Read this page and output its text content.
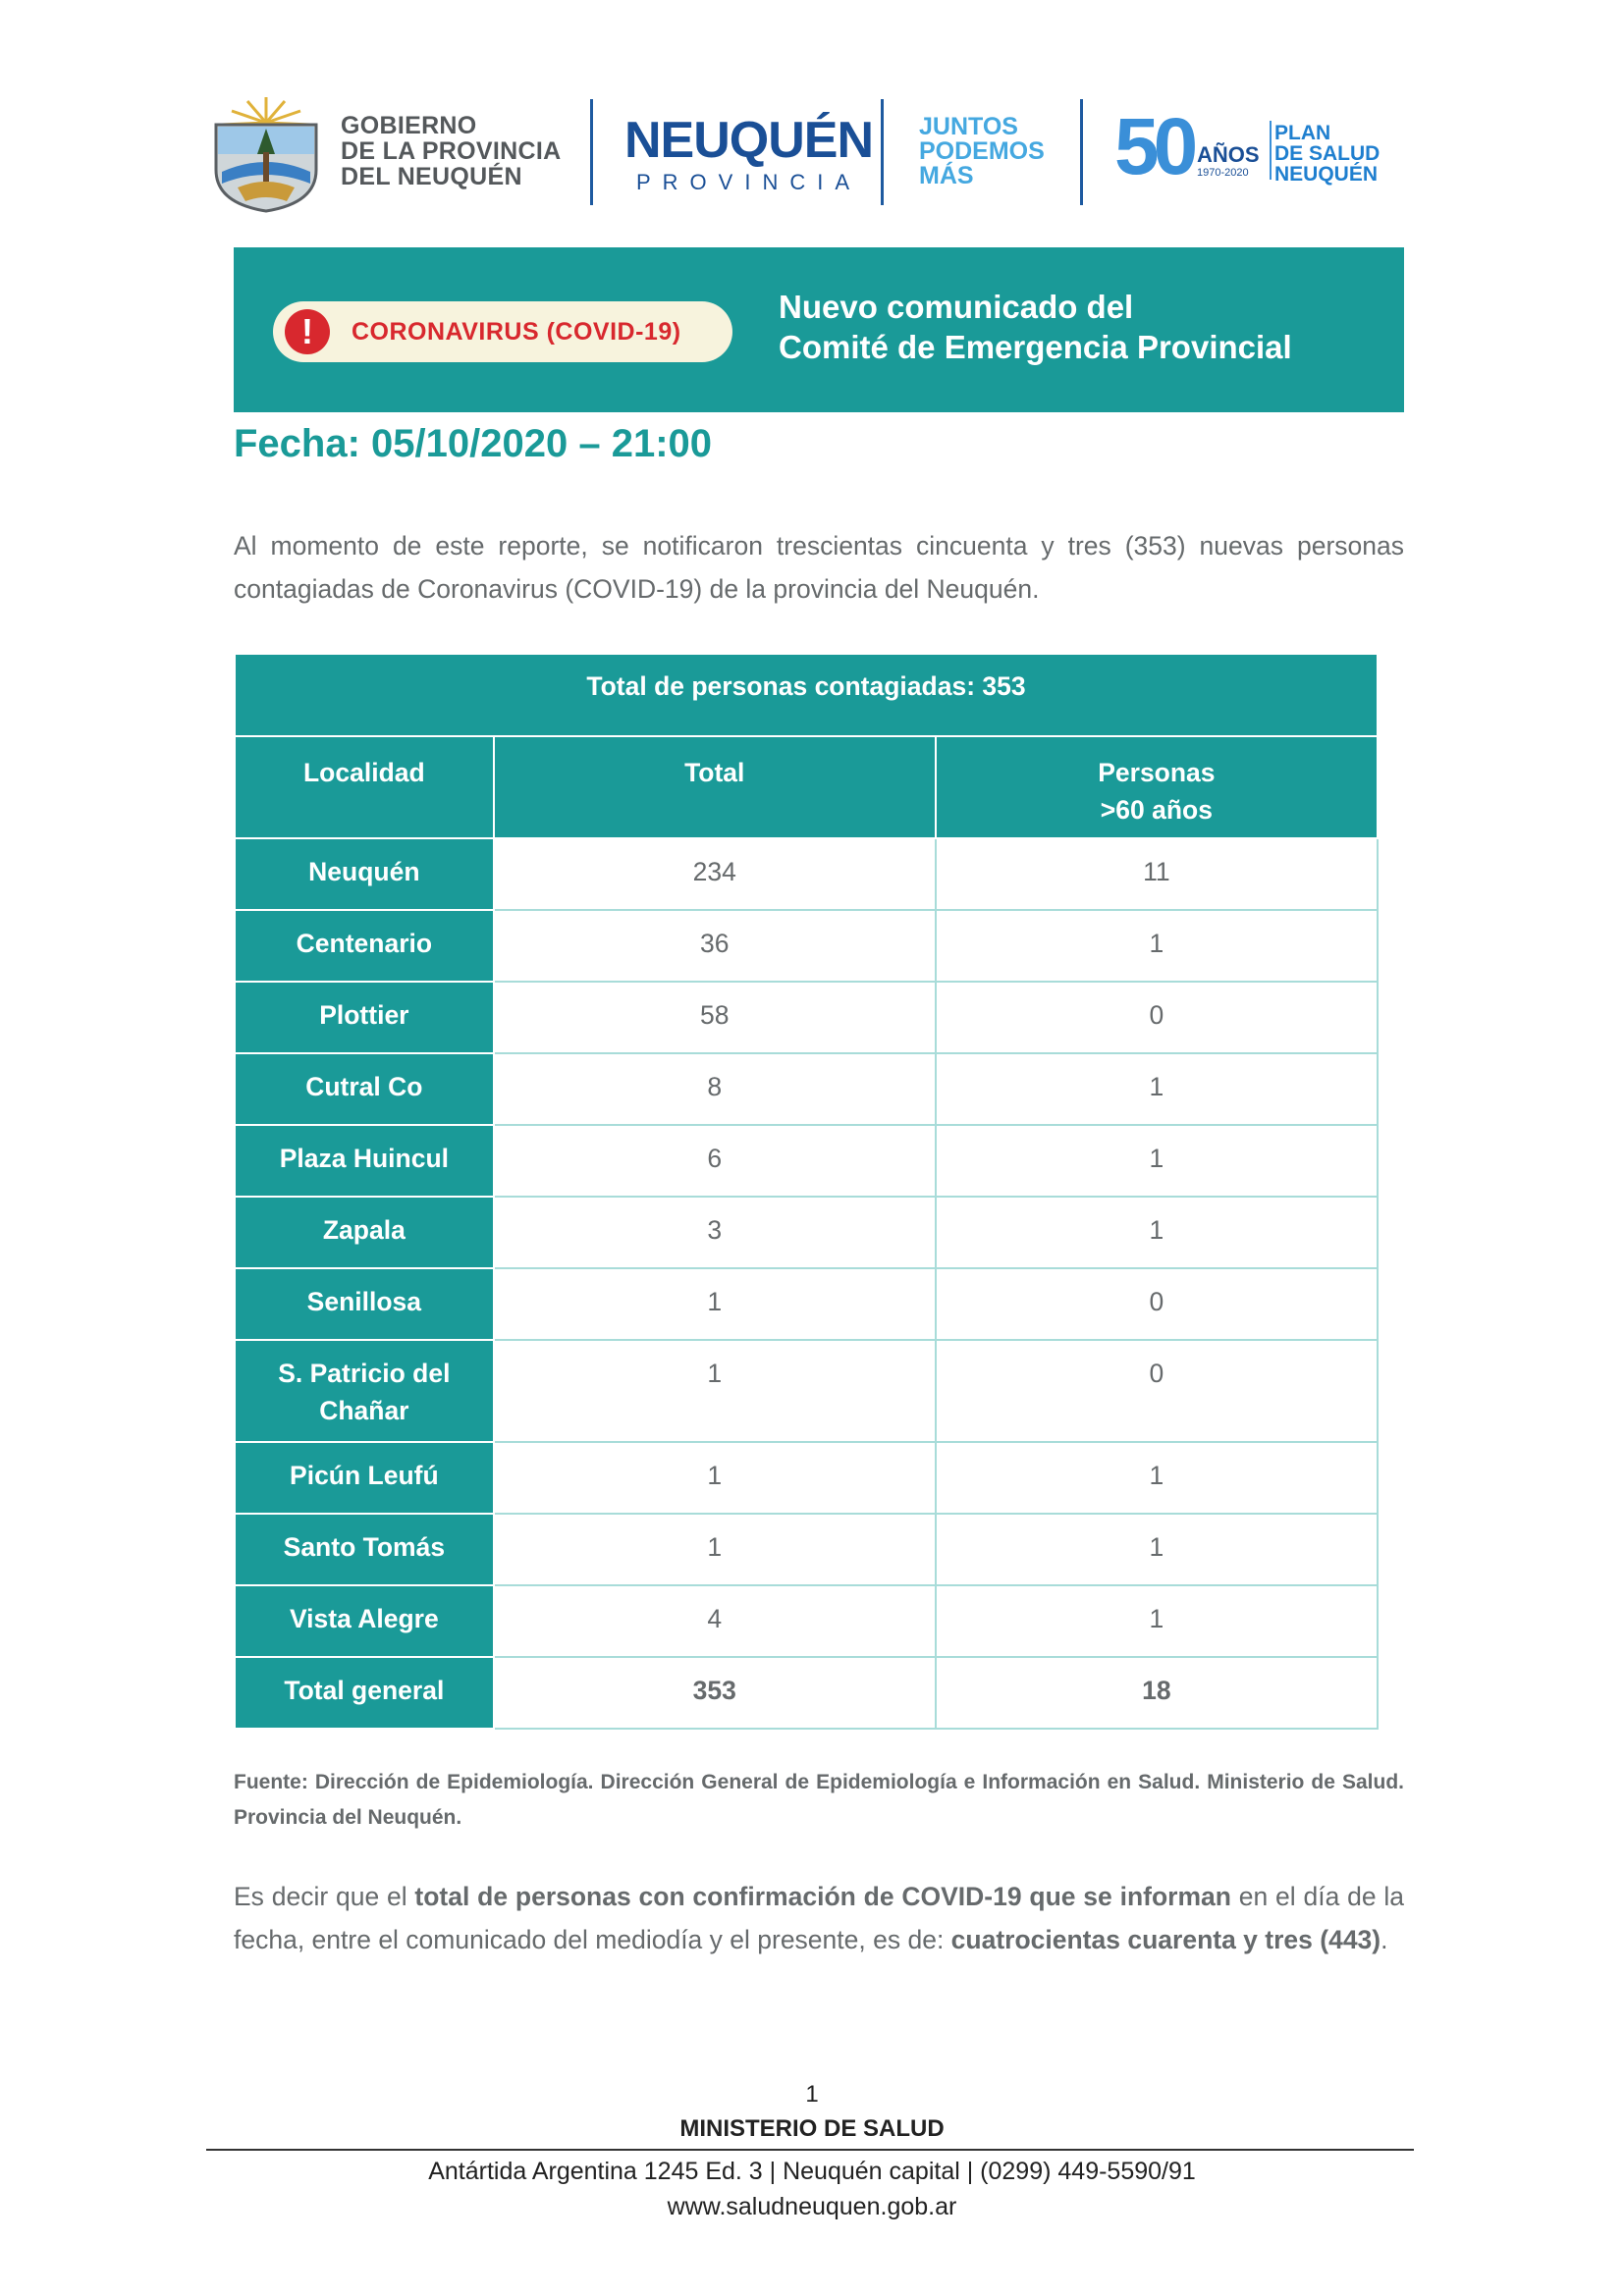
GOBIERNO
DE LA PROVINCIA
DEL NEUQUÉN
NEUQUÉN
PROVINCIA
JUNTOS
PODEMOS
MÁS	50 AÑOS
1970-2020
PLAN
DE SALUD
NEUQUÉN
!	CORONAVIRUS (COVID-19)
Nuevo comunicado del
Comité de Emergencia Provincial
Fecha: 05/10/2020 – 21:00
Al momento de este reporte, se notificaron trescientas cincuenta y tres (353) nuevas personas contagiadas de Coronavirus (COVID-19) de la provincia del Neuquén.
Total de personas contagiadas: 353		
Localidad	Total	Personas
>60 años
Neuquén	234	11
Centenario	36	1
Plottier	58	0
Cutral Co	8	1
Plaza Huincul	6	1
Zapala	3	1
Senillosa	1	0
S. Patricio del Chañar	1	0
Picún Leufú	1	1
Santo Tomás	1	1
Vista Alegre	4	1
Total general	353	18
Fuente: Dirección de Epidemiología. Dirección General de Epidemiología e Información en Salud. Ministerio de Salud. Provincia del Neuquén.
Es decir que el total de personas con confirmación de COVID-19 que se informan en el día de la fecha, entre el comunicado del mediodía y el presente, es de: cuatrocientas cuarenta y tres (443).
1
MINISTERIO DE SALUD
Antártida Argentina 1245 Ed. 3 | Neuquén capital | (0299) 449-5590/91
www.saludneuquen.gob.ar
